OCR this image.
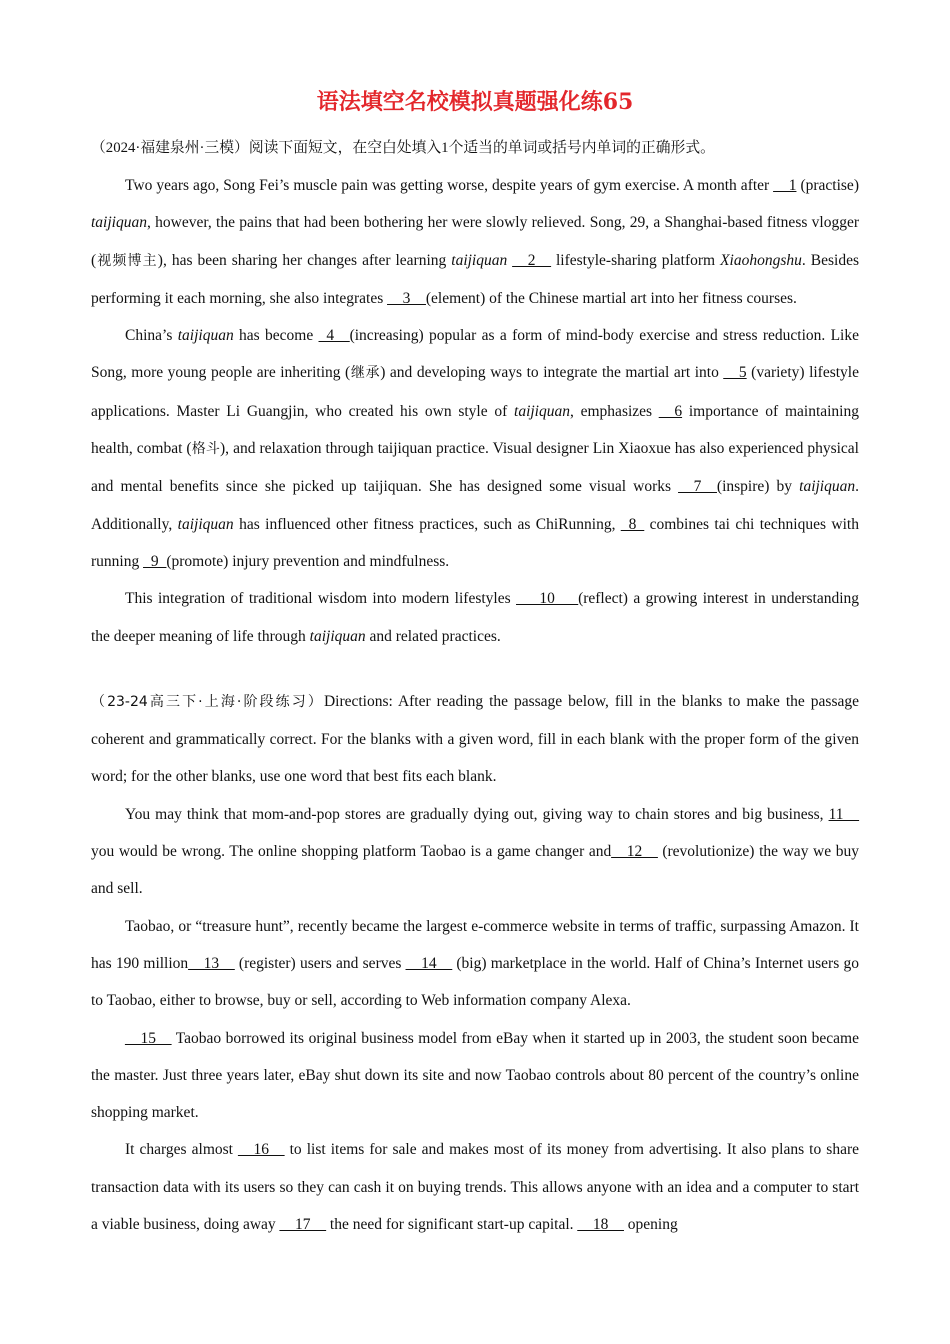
语法填空名校模拟真题强化练65
（2024·福建泉州·三模）阅读下面短文，在空白处填入1个适当的单词或括号内单词的正确形式。

Two years ago, Song Fei’s muscle pain was getting worse, despite years of gym exercise. A month after __1 (practise) taijiquan, however, the pains that had been bothering her were slowly relieved. Song, 29, a Shanghai-based fitness vlogger (视频博主), has been sharing her changes after learning taijiquan __2__ lifestyle-sharing platform Xiaohongshu. Besides performing it each morning, she also integrates __3__(element) of the Chinese martial art into her fitness courses.

China’s taijiquan has become _4__(increasing) popular as a form of mind-body exercise and stress reduction. Like Song, more young people are inheriting (继承) and developing ways to integrate the martial art into __5 (variety) lifestyle applications. Master Li Guangjin, who created his own style of taijiquan, emphasizes __6 importance of maintaining health, combat (格斗), and relaxation through taijiquan practice. Visual designer Lin Xiaoxue has also experienced physical and mental benefits since she picked up taijiquan. She has designed some visual works __7__(inspire) by taijiquan. Additionally, taijiquan has influenced other fitness practices, such as ChiRunning, _8_ combines tai chi techniques with running _9_(promote) injury prevention and mindfulness.

This integration of traditional wisdom into modern lifestyles ___10___(reflect) a growing interest in understanding the deeper meaning of life through taijiquan and related practices.

（23-24高三下·上海·阶段练习）Directions: After reading the passage below, fill in the blanks to make the passage coherent and grammatically correct. For the blanks with a given word, fill in each blank with the proper form of the given word; for the other blanks, use one word that best fits each blank.

You may think that mom-and-pop stores are gradually dying out, giving way to chain stores and big business, 11__ you would be wrong. The online shopping platform Taobao is a game changer and__12__ (revolutionize) the way we buy and sell.

Taobao, or “treasure hunt”, recently became the largest e-commerce website in terms of traffic, surpassing Amazon. It has 190 million__13__ (register) users and serves __14__ (big) marketplace in the world. Half of China’s Internet users go to Taobao, either to browse, buy or sell, according to Web information company Alexa.

__15__ Taobao borrowed its original business model from eBay when it started up in 2003, the student soon became the master. Just three years later, eBay shut down its site and now Taobao controls about 80 percent of the country’s online shopping market.

It charges almost __16__ to list items for sale and makes most of its money from advertising. It also plans to share transaction data with its users so they can cash it on buying trends. This allows anyone with an idea and a computer to start a viable business, doing away __17__ the need for significant start-up capital. __18__ opening
